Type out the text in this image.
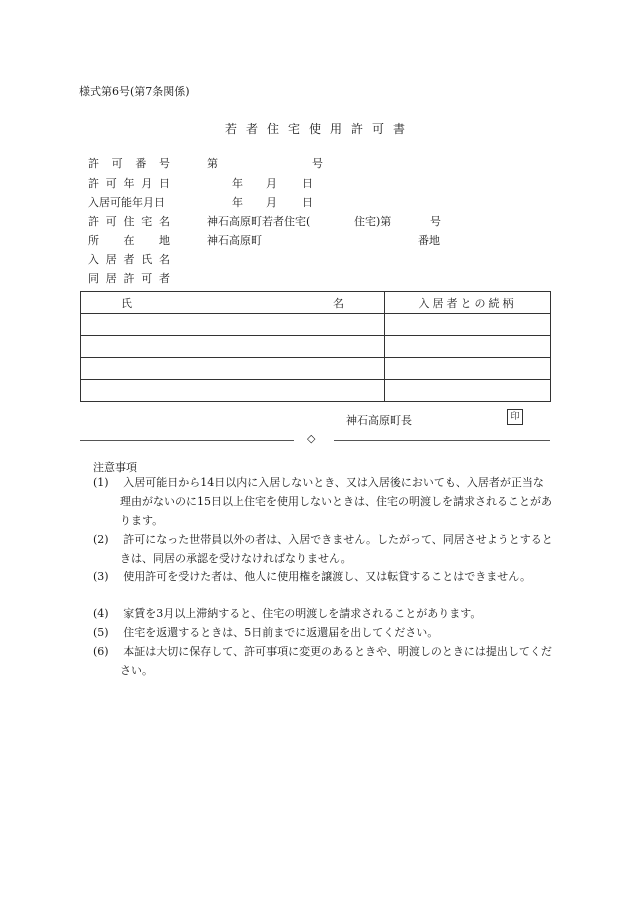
様式第6号(第7条関係)
若者住宅使用許可書
許 可 番 号	第	号
許 可 年 月 日	年 月 日
入居可能年月日	年 月 日
許 可 住 宅 名	神石高原町若者住宅(	住宅)第	号
所 在 地	神石高原町	番地
入 居 者 氏 名
同 居 許 可 者
氏 名	入居者との続柄

神石高原町長	印
◇
注意事項
(1) 入居可能日から14日以内に入居しないとき、又は入居後においても、入居者が正当な理由がないのに15日以上住宅を使用しないときは、住宅の明渡しを請求されることがあります。
(2) 許可になった世帯員以外の者は、入居できません。したがって、同居させようとするときは、同居の承認を受けなければなりません。
(3) 使用許可を受けた者は、他人に使用権を譲渡し、又は転貸することはできません。
(4) 家賃を3月以上滞納すると、住宅の明渡しを請求されることがあります。
(5) 住宅を返還するときは、5日前までに返還届を出してください。
(6) 本証は大切に保存して、許可事項に変更のあるときや、明渡しのときには提出してください。
